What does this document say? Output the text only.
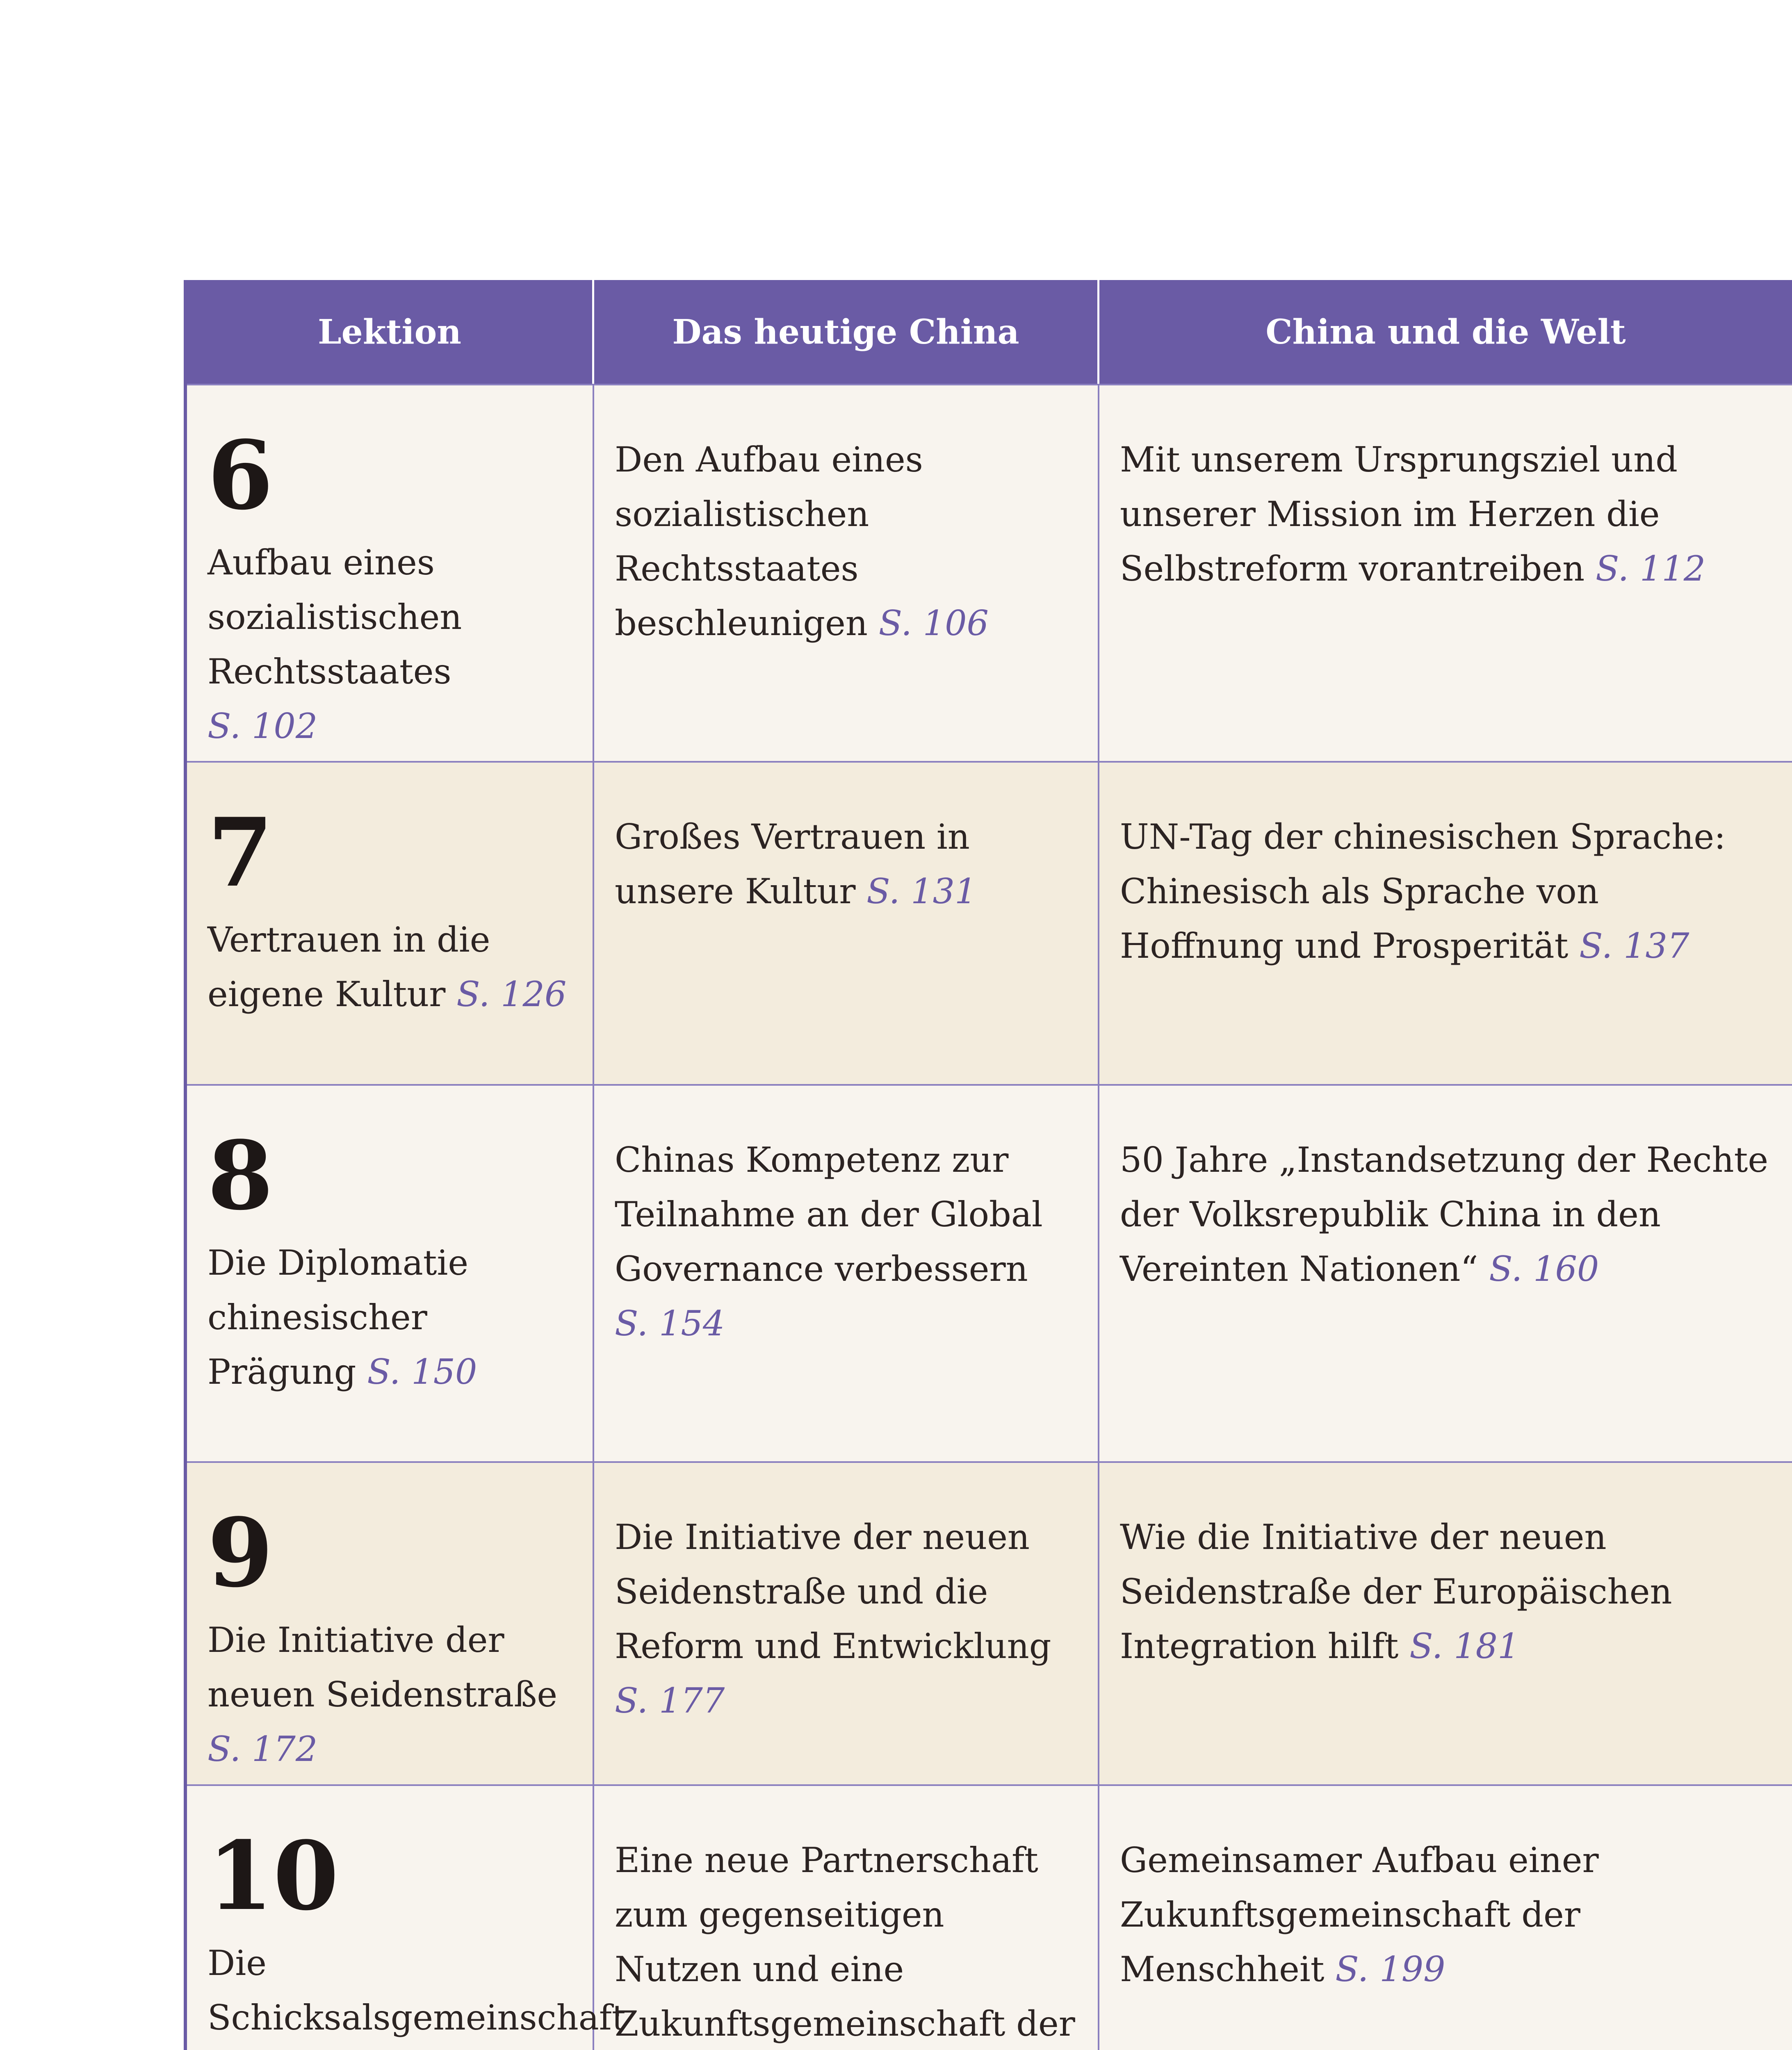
Lektion	Das heutige China	China und die Welt
6
Aufbau eines sozialistischen Rechtsstaates S. 102
Den Aufbau eines sozialistischen Rechtsstaates beschleunigen S. 106
Mit unserem Ursprungsziel und unserer Mission im Herzen die Selbstreform vorantreiben S. 112
7
Vertrauen in die eigene Kultur S. 126
Großes Vertrauen in unsere Kultur S. 131
UN-Tag der chinesischen Sprache: Chinesisch als Sprache von Hoffnung und Prosperität S. 137
8
Die Diplomatie chinesischer Prägung S. 150
Chinas Kompetenz zur Teilnahme an der Global Governance verbessern S. 154
50 Jahre „Instandsetzung der Rechte der Volksrepublik China in den Vereinten Nationen“ S. 160
9
Die Initiative der neuen Seidenstraße S. 172
Die Initiative der neuen Seidenstraße und die Reform und Entwicklung S. 177
Wie die Initiative der neuen Seidenstraße der Europäischen Integration hilft S. 181
10
Die Schicksalsgemeinschaft
Eine neue Partnerschaft zum gegenseitigen Nutzen und eine Zukunftsgemeinschaft der
Gemeinsamer Aufbau einer Zukunftsgemeinschaft der Menschheit S. 199
